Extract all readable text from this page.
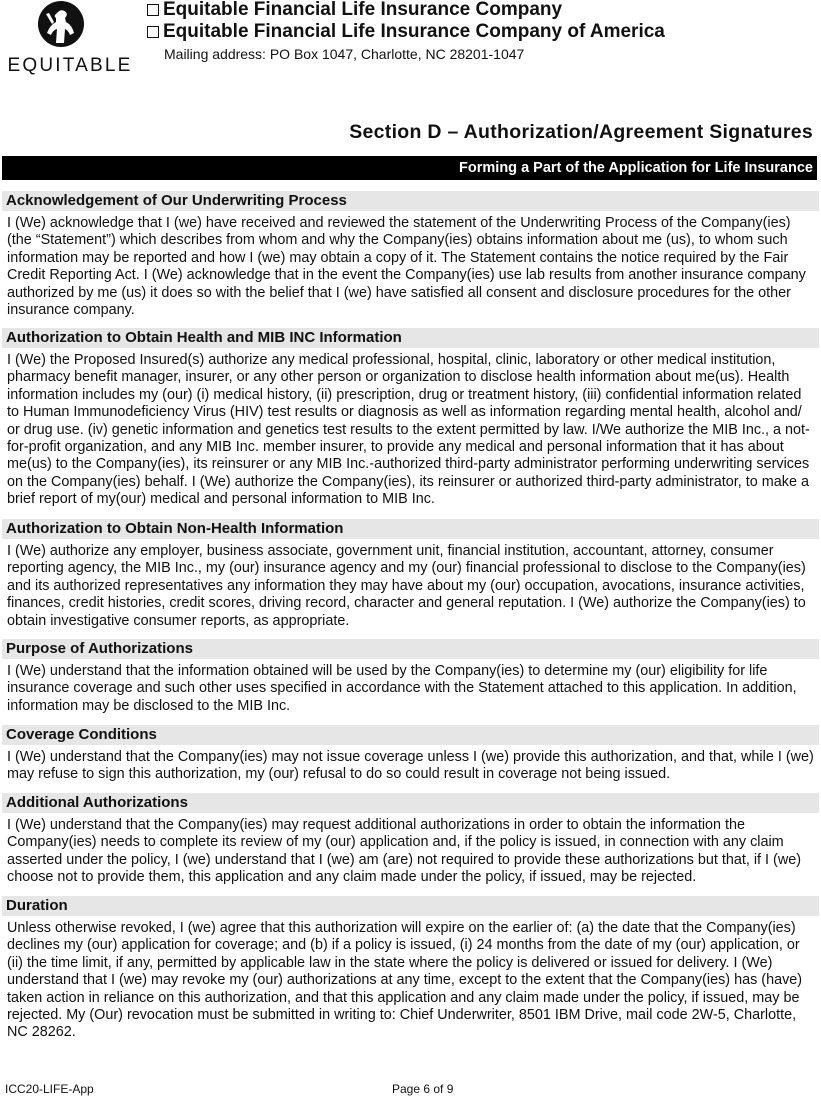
EQUITABLE
Equitable Financial Life Insurance Company
Equitable Financial Life Insurance Company of America
Mailing address: PO Box 1047, Charlotte, NC 28201-1047
Section D – Authorization/Agreement Signatures
Forming a Part of the Application for Life Insurance
Acknowledgement of Our Underwriting Process

I (We) acknowledge that I (we) have received and reviewed the statement of the Underwriting Process of the Company(ies) (the “Statement”) which describes from whom and why the Company(ies) obtains information about me (us), to whom such information may be reported and how I (we) may obtain a copy of it. The Statement contains the notice required by the Fair Credit Reporting Act. I (We) acknowledge that in the event the Company(ies) use lab results from another insurance company authorized by me (us) it does so with the belief that I (we) have satisfied all consent and disclosure procedures for the other insurance company.

Authorization to Obtain Health and MIB INC Information

I (We) the Proposed Insured(s) authorize any medical professional, hospital, clinic, laboratory or other medical institution, pharmacy benefit manager, insurer, or any other person or organization to disclose health information about me(us). Health information includes my (our) (i) medical history, (ii) prescription, drug or treatment history, (iii) confidential information related to Human Immunodeficiency Virus (HIV) test results or diagnosis as well as information regarding mental health, alcohol and/ or drug use. (iv) genetic information and genetics test results to the extent permitted by law. I/We authorize the MIB Inc., a not-for-profit organization, and any MIB Inc. member insurer, to provide any medical and personal information that it has about me(us) to the Company(ies), its reinsurer or any MIB Inc.-authorized third-party administrator performing underwriting services on the Company(ies) behalf. I (We) authorize the Company(ies), its reinsurer or authorized third-party administrator, to make a brief report of my(our) medical and personal information to MIB Inc.

Authorization to Obtain Non-Health Information

I (We) authorize any employer, business associate, government unit, financial institution, accountant, attorney, consumer reporting agency, the MIB Inc., my (our) insurance agency and my (our) financial professional to disclose to the Company(ies) and its authorized representatives any information they may have about my (our) occupation, avocations, insurance activities, finances, credit histories, credit scores, driving record, character and general reputation. I (We) authorize the Company(ies) to obtain investigative consumer reports, as appropriate.

Purpose of Authorizations

I (We) understand that the information obtained will be used by the Company(ies) to determine my (our) eligibility for life insurance coverage and such other uses specified in accordance with the Statement attached to this application. In addition, information may be disclosed to the MIB Inc.

Coverage Conditions

I (We) understand that the Company(ies) may not issue coverage unless I (we) provide this authorization, and that, while I (we) may refuse to sign this authorization, my (our) refusal to do so could result in coverage not being issued.

Additional Authorizations

I (We) understand that the Company(ies) may request additional authorizations in order to obtain the information the Company(ies) needs to complete its review of my (our) application and, if the policy is issued, in connection with any claim asserted under the policy, I (we) understand that I (we) am (are) not required to provide these authorizations but that, if I (we) choose not to provide them, this application and any claim made under the policy, if issued, may be rejected.

Duration

Unless otherwise revoked, I (we) agree that this authorization will expire on the earlier of: (a) the date that the Company(ies) declines my (our) application for coverage; and (b) if a policy is issued, (i) 24 months from the date of my (our) application, or (ii) the time limit, if any, permitted by applicable law in the state where the policy is delivered or issued for delivery. I (We) understand that I (we) may revoke my (our) authorizations at any time, except to the extent that the Company(ies) has (have) taken action in reliance on this authorization, and that this application and any claim made under the policy, if issued, may be rejected. My (Our) revocation must be submitted in writing to: Chief Underwriter, 8501 IBM Drive, mail code 2W-5, Charlotte, NC 28262.

ICC20-LIFE-App	Page 6 of 9
